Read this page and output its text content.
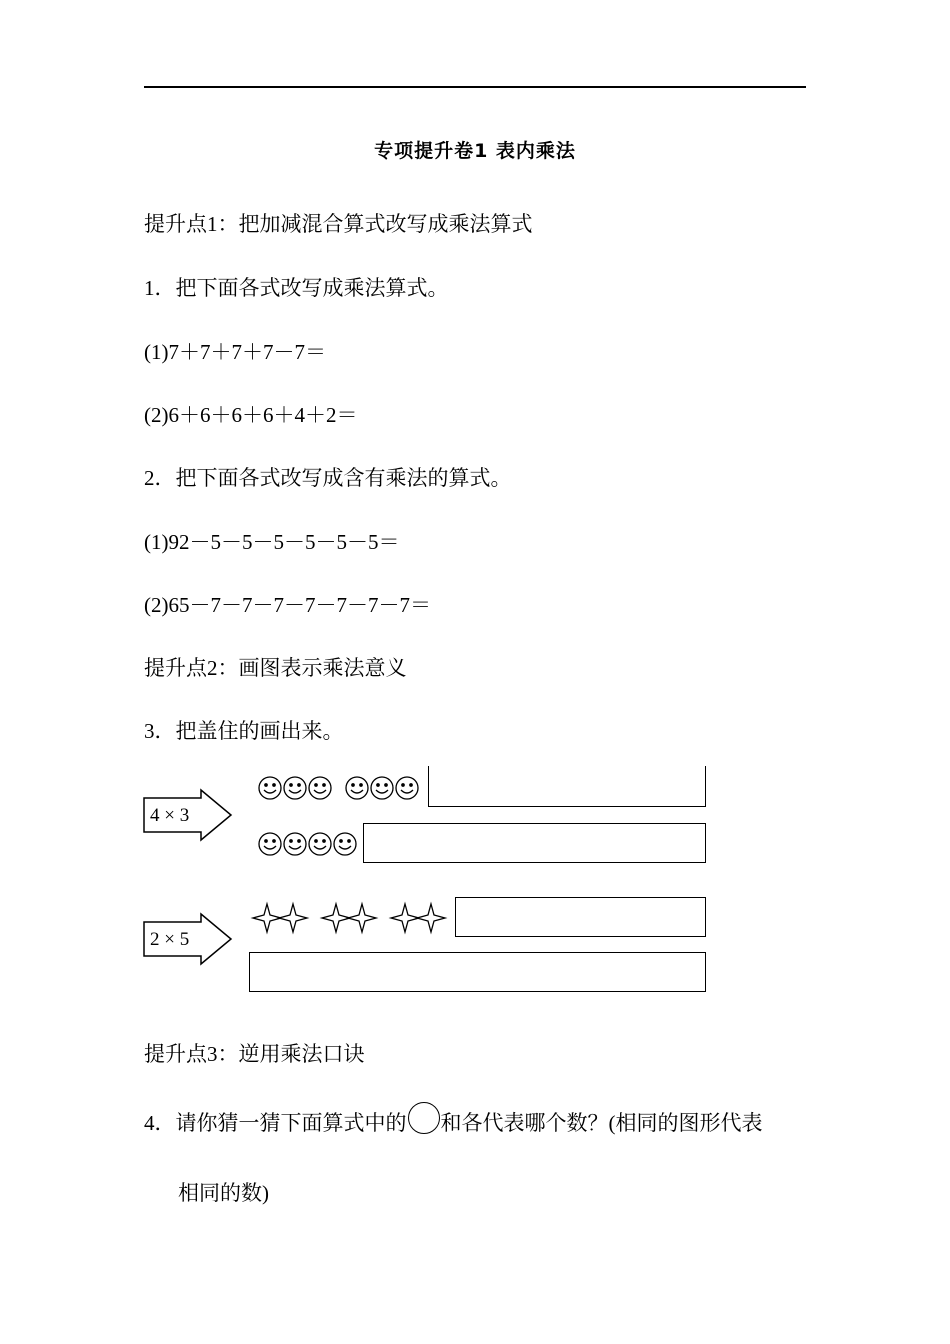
专项提升卷1 表内乘法
提升点1：把加减混合算式改写成乘法算式
1．把下面各式改写成乘法算式。
(1)7＋7＋7＋7－7＝
(2)6＋6＋6＋6＋4＋2＝
2．把下面各式改写成含有乘法的算式。
(1)92－5－5－5－5－5－5＝
(2)65－7－7－7－7－7－7－7＝
提升点2：画图表示乘法意义
3．把盖住的画出来。
4 × 3
2 × 5
提升点3：逆用乘法口诀
4．请你猜一猜下面算式中的 和各代表哪个数？(相同的图形代表
相同的数)
